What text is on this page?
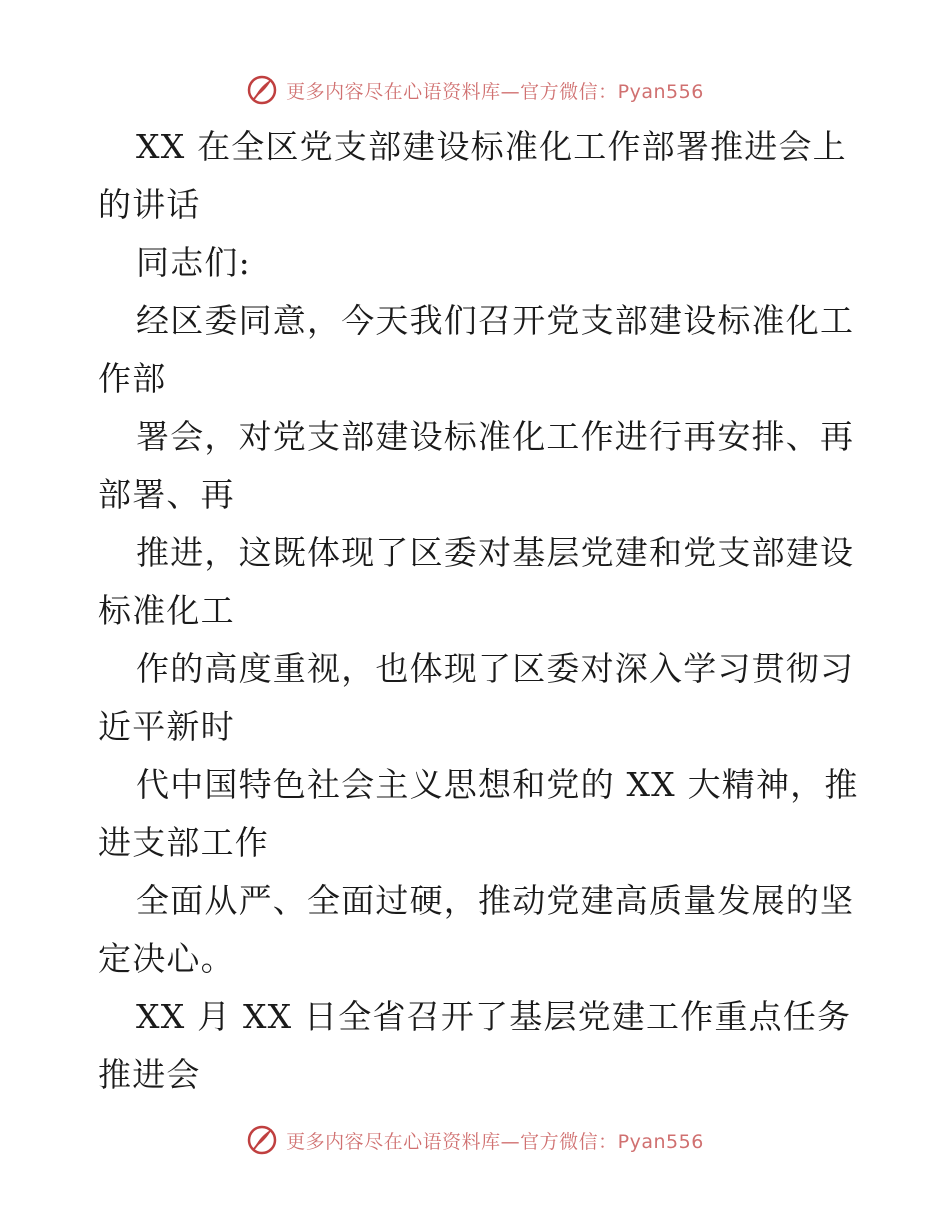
更多内容尽在心语资料库—官方微信：Pyan556
XX 在全区党支部建设标准化工作部署推进会上
的讲话
同志们:
经区委同意，今天我们召开党支部建设标准化工
作部
署会，对党支部建设标准化工作进行再安排、再
部署、再
推进，这既体现了区委对基层党建和党支部建设
标准化工
作的高度重视，也体现了区委对深入学习贯彻习
近平新时
代中国特色社会主义思想和党的 XX 大精神，推
进支部工作
全面从严、全面过硬，推动党建高质量发展的坚
定决心。
XX 月 XX 日全省召开了基层党建工作重点任务
推进会
更多内容尽在心语资料库—官方微信：Pyan556
